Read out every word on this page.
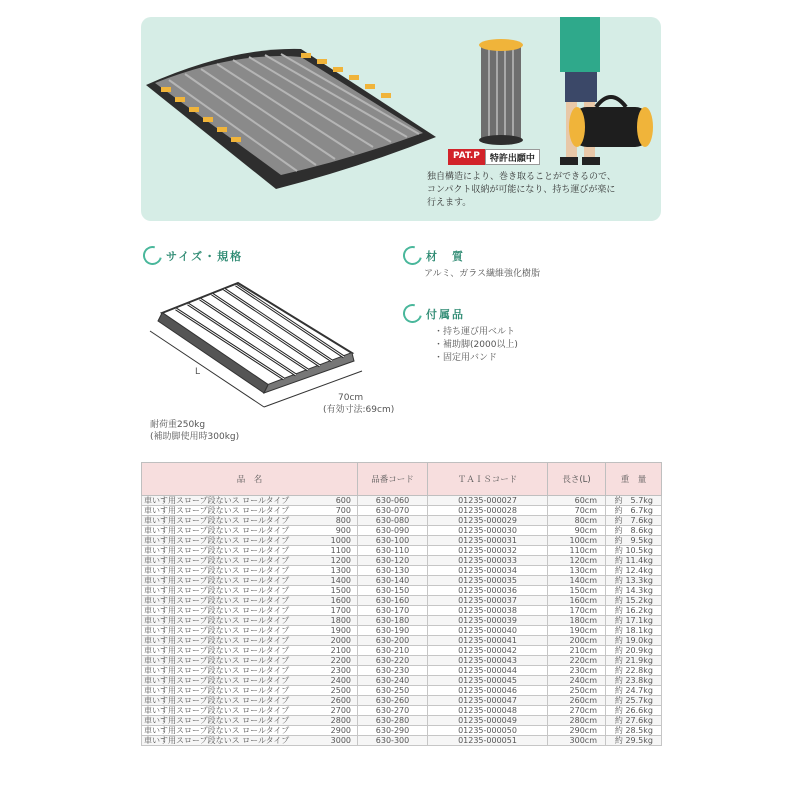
PAT.P	特許出願中
独自構造により、巻き取ることができるので、
コンパクト収納が可能になり、持ち運びが楽に
行えます。
サイズ・規格
L
70cm
(有効寸法:69cm)
耐荷重250kg
(補助脚使用時300kg)
材　質
アルミ、ガラス繊維強化樹脂
付属品
・持ち運び用ベルト
・補助脚(2000以上)
・固定用バンド
品　名	品番コード	ＴＡＩＳコード	長さ(L)	重　量
車いす用スロープ段ないス ロールタイプ 600	630-060	01235-000027	60cm	約　5.7kg
車いす用スロープ段ないス ロールタイプ 700	630-070	01235-000028	70cm	約　6.7kg
車いす用スロープ段ないス ロールタイプ 800	630-080	01235-000029	80cm	約　7.6kg
車いす用スロープ段ないス ロールタイプ 900	630-090	01235-000030	90cm	約　8.6kg
車いす用スロープ段ないス ロールタイプ 1000	630-100	01235-000031	100cm	約　9.5kg
車いす用スロープ段ないス ロールタイプ 1100	630-110	01235-000032	110cm	約 10.5kg
車いす用スロープ段ないス ロールタイプ 1200	630-120	01235-000033	120cm	約 11.4kg
車いす用スロープ段ないス ロールタイプ 1300	630-130	01235-000034	130cm	約 12.4kg
車いす用スロープ段ないス ロールタイプ 1400	630-140	01235-000035	140cm	約 13.3kg
車いす用スロープ段ないス ロールタイプ 1500	630-150	01235-000036	150cm	約 14.3kg
車いす用スロープ段ないス ロールタイプ 1600	630-160	01235-000037	160cm	約 15.2kg
車いす用スロープ段ないス ロールタイプ 1700	630-170	01235-000038	170cm	約 16.2kg
車いす用スロープ段ないス ロールタイプ 1800	630-180	01235-000039	180cm	約 17.1kg
車いす用スロープ段ないス ロールタイプ 1900	630-190	01235-000040	190cm	約 18.1kg
車いす用スロープ段ないス ロールタイプ 2000	630-200	01235-000041	200cm	約 19.0kg
車いす用スロープ段ないス ロールタイプ 2100	630-210	01235-000042	210cm	約 20.9kg
車いす用スロープ段ないス ロールタイプ 2200	630-220	01235-000043	220cm	約 21.9kg
車いす用スロープ段ないス ロールタイプ 2300	630-230	01235-000044	230cm	約 22.8kg
車いす用スロープ段ないス ロールタイプ 2400	630-240	01235-000045	240cm	約 23.8kg
車いす用スロープ段ないス ロールタイプ 2500	630-250	01235-000046	250cm	約 24.7kg
車いす用スロープ段ないス ロールタイプ 2600	630-260	01235-000047	260cm	約 25.7kg
車いす用スロープ段ないス ロールタイプ 2700	630-270	01235-000048	270cm	約 26.6kg
車いす用スロープ段ないス ロールタイプ 2800	630-280	01235-000049	280cm	約 27.6kg
車いす用スロープ段ないス ロールタイプ 2900	630-290	01235-000050	290cm	約 28.5kg
車いす用スロープ段ないス ロールタイプ 3000	630-300	01235-000051	300cm	約 29.5kg
